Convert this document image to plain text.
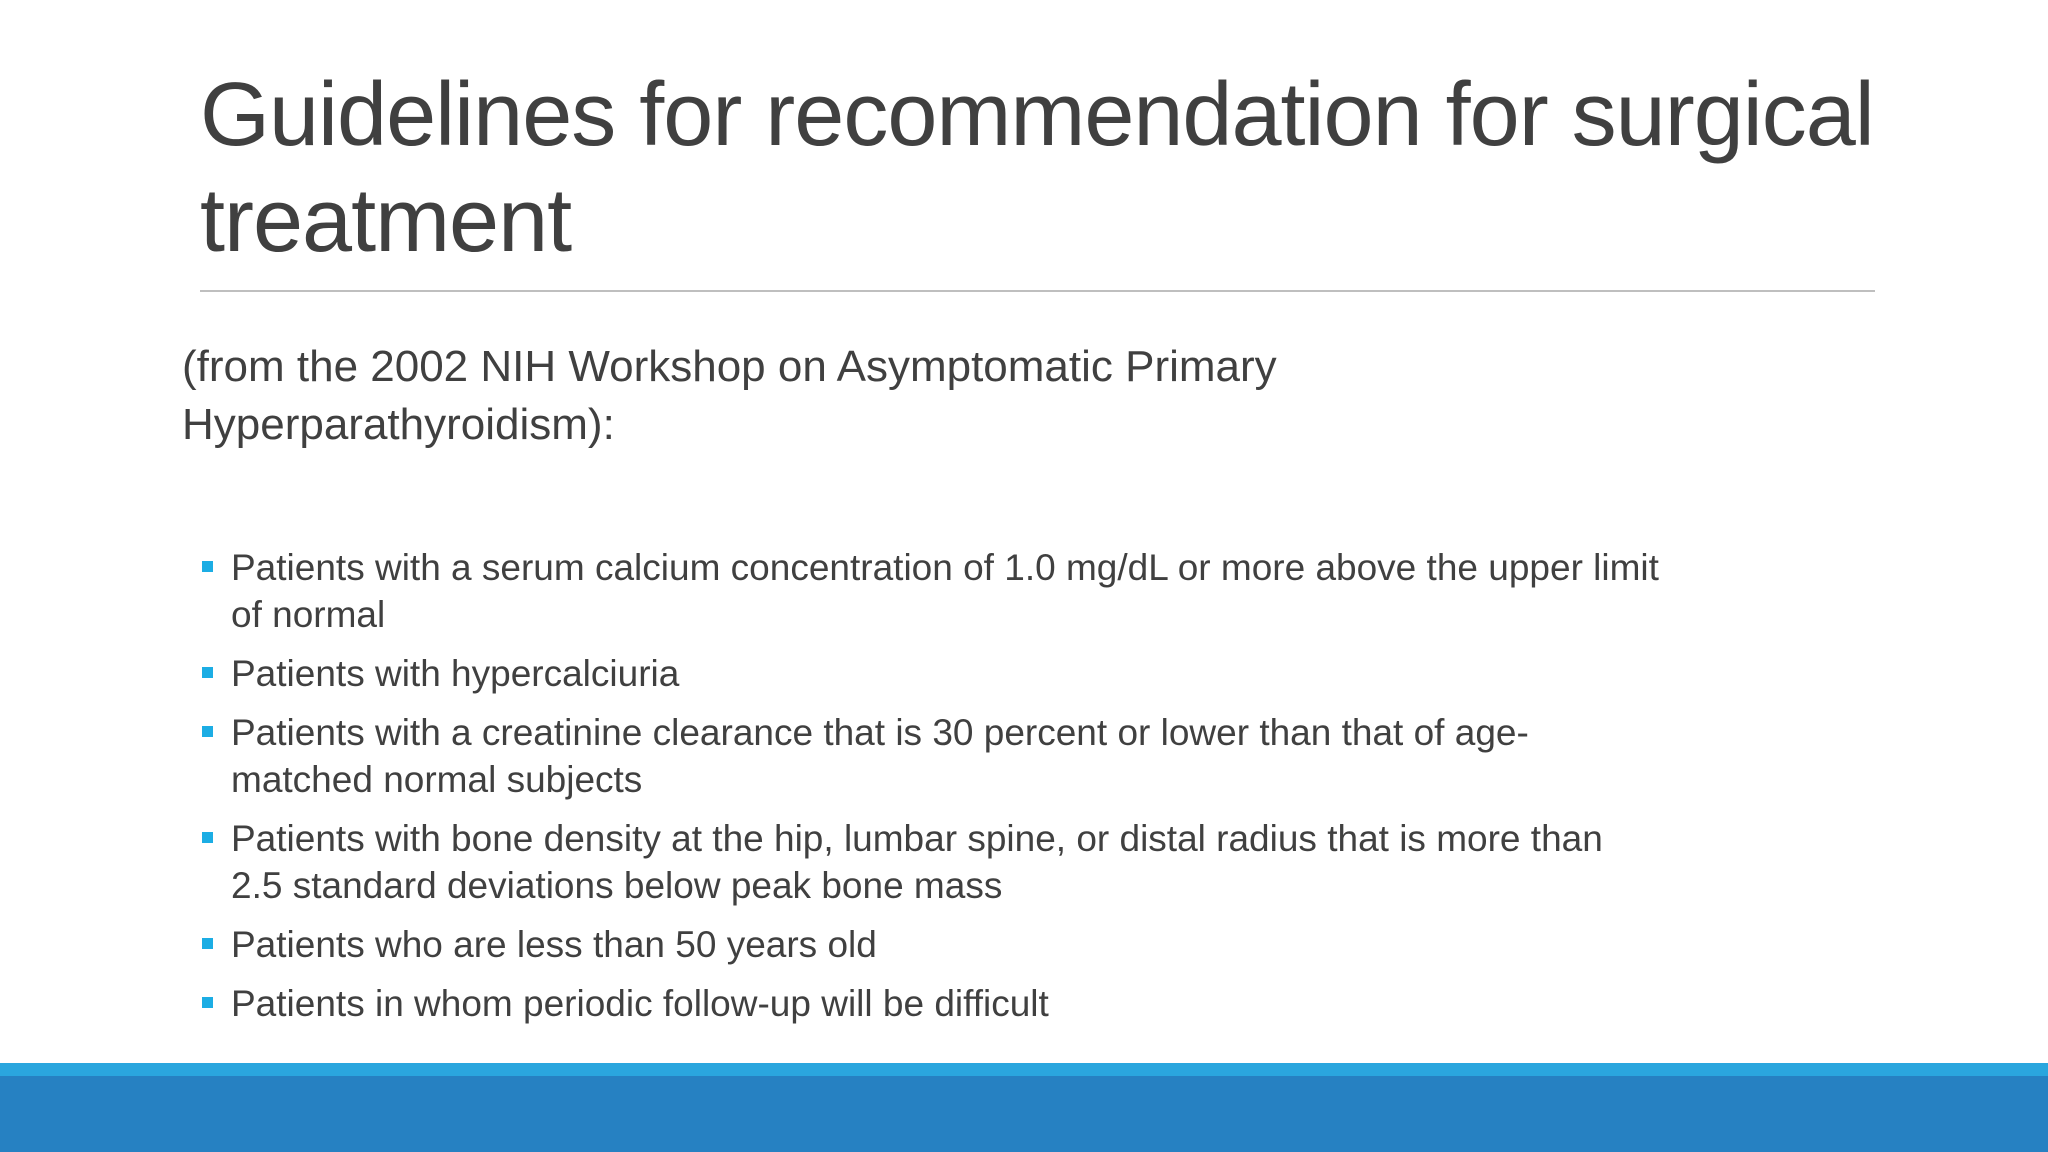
Guidelines for recommendation for surgical treatment

(from the 2002 NIH Workshop on Asymptomatic Primary Hyperparathyroidism):

Patients with a serum calcium concentration of 1.0 mg/dL or more above the upper limit of normal
Patients with hypercalciuria
Patients with a creatinine clearance that is 30 percent or lower than that of age-matched normal subjects
Patients with bone density at the hip, lumbar spine, or distal radius that is more than 2.5 standard deviations below peak bone mass
Patients who are less than 50 years old
Patients in whom periodic follow-up will be difficult
